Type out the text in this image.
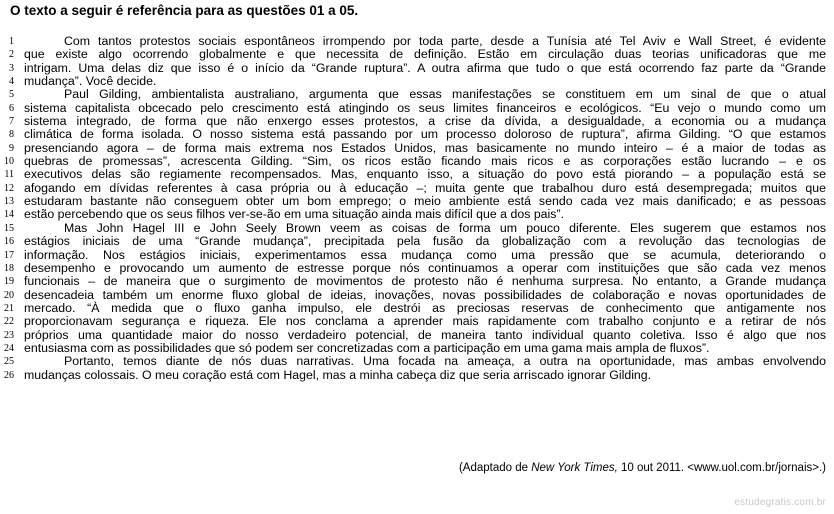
O texto a seguir é referência para as questões 01 a 05.
1	Com tantos protestos sociais espontâneos irrompendo por toda parte, desde a Tunísia até Tel Aviv e Wall Street, é evidente
2 que existe algo ocorrendo globalmente e que necessita de definição. Estão em circulação duas teorias unificadoras que me
3 intrigam. Uma delas diz que isso é o início da “Grande ruptura”. A outra afirma que tudo o que está ocorrendo faz parte da “Grande
4 mudança”. Você decide.
5	Paul Gilding, ambientalista australiano, argumenta que essas manifestações se constituem em um sinal de que o atual
6 sistema capitalista obcecado pelo crescimento está atingindo os seus limites financeiros e ecológicos. “Eu vejo o mundo como um
7 sistema integrado, de forma que não enxergo esses protestos, a crise da dívida, a desigualdade, a economia ou a mudança
8 climática de forma isolada. O nosso sistema está passando por um processo doloroso de ruptura”, afirma Gilding. “O que estamos
9 presenciando agora – de forma mais extrema nos Estados Unidos, mas basicamente no mundo inteiro – é a maior de todas as
10 quebras de promessas”, acrescenta Gilding. “Sim, os ricos estão ficando mais ricos e as corporações estão lucrando – e os
11 executivos delas são regiamente recompensados. Mas, enquanto isso, a situação do povo está piorando – a população está se
12 afogando em dívidas referentes à casa própria ou à educação –; muita gente que trabalhou duro está desempregada; muitos que
13 estudaram bastante não conseguem obter um bom emprego; o meio ambiente está sendo cada vez mais danificado; e as pessoas
14 estão percebendo que os seus filhos ver-se-ão em uma situação ainda mais difícil que a dos pais”.
15	Mas John Hagel III e John Seely Brown veem as coisas de forma um pouco diferente. Eles sugerem que estamos nos
16 estágios iniciais de uma “Grande mudança”, precipitada pela fusão da globalização com a revolução das tecnologias de
17 informação. Nos estágios iniciais, experimentamos essa mudança como uma pressão que se acumula, deteriorando o
18 desempenho e provocando um aumento de estresse porque nós continuamos a operar com instituições que são cada vez menos
19 funcionais – de maneira que o surgimento de movimentos de protesto não é nenhuma surpresa. No entanto, a Grande mudança
20 desencadeia também um enorme fluxo global de ideias, inovações, novas possibilidades de colaboração e novas oportunidades de
21 mercado. “À medida que o fluxo ganha impulso, ele destrói as preciosas reservas de conhecimento que antigamente nos
22 proporcionavam segurança e riqueza. Ele nos conclama a aprender mais rapidamente com trabalho conjunto e a retirar de nós
23 próprios uma quantidade maior do nosso verdadeiro potencial, de maneira tanto individual quanto coletiva. Isso é algo que nos
24 entusiasma com as possibilidades que só podem ser concretizadas com a participação em uma gama mais ampla de fluxos”.
25	Portanto, temos diante de nós duas narrativas. Uma focada na ameaça, a outra na oportunidade, mas ambas envolvendo
26 mudanças colossais. O meu coração está com Hagel, mas a minha cabeça diz que seria arriscado ignorar Gilding.
(Adaptado de New York Times, 10 out 2011. <www.uol.com.br/jornais>.)
estudegratis.com.br
